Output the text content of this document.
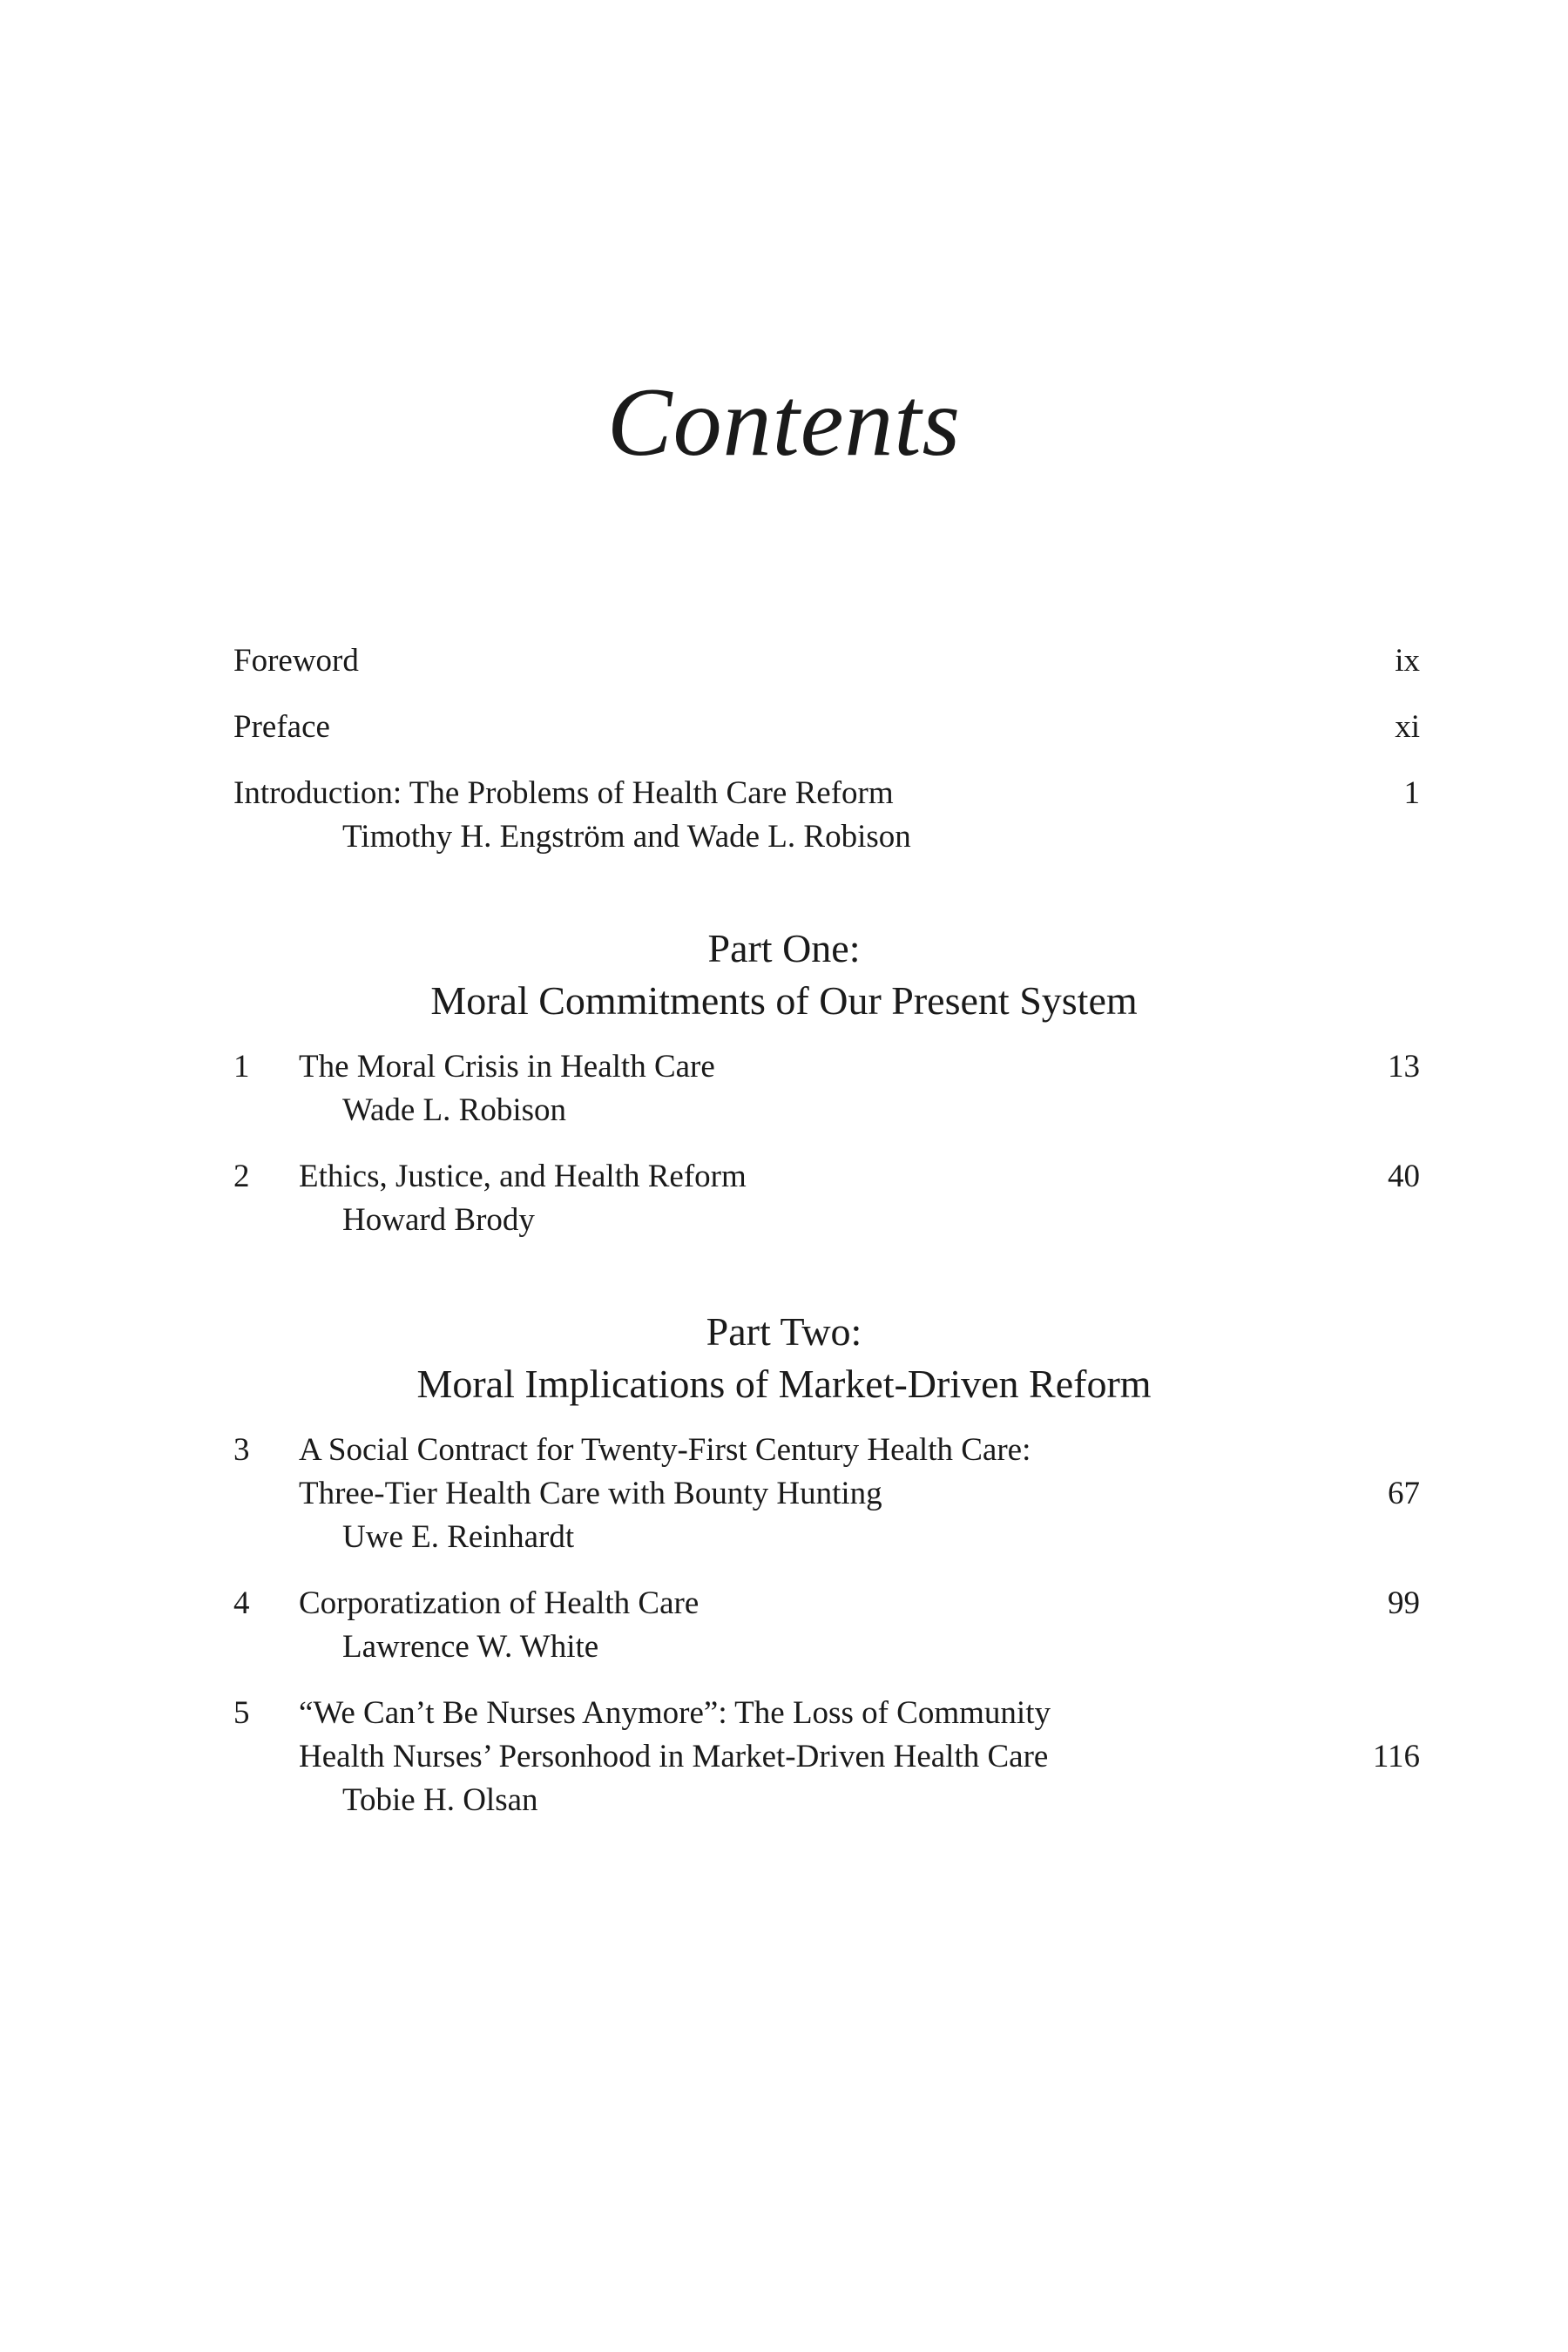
Contents
Foreword	ix
Preface	xi
Introduction: The Problems of Health Care Reform	1
Timothy H. Engström and Wade L. Robison
Part One:
Moral Commitments of Our Present System
1 The Moral Crisis in Health Care	13
Wade L. Robison
2 Ethics, Justice, and Health Reform	40
Howard Brody
Part Two:
Moral Implications of Market-Driven Reform
3 A Social Contract for Twenty-First Century Health Care:
Three-Tier Health Care with Bounty Hunting	67
Uwe E. Reinhardt
4 Corporatization of Health Care	99
Lawrence W. White
5 “We Can’t Be Nurses Anymore”: The Loss of Community
Health Nurses’ Personhood in Market-Driven Health Care	116
Tobie H. Olsan
